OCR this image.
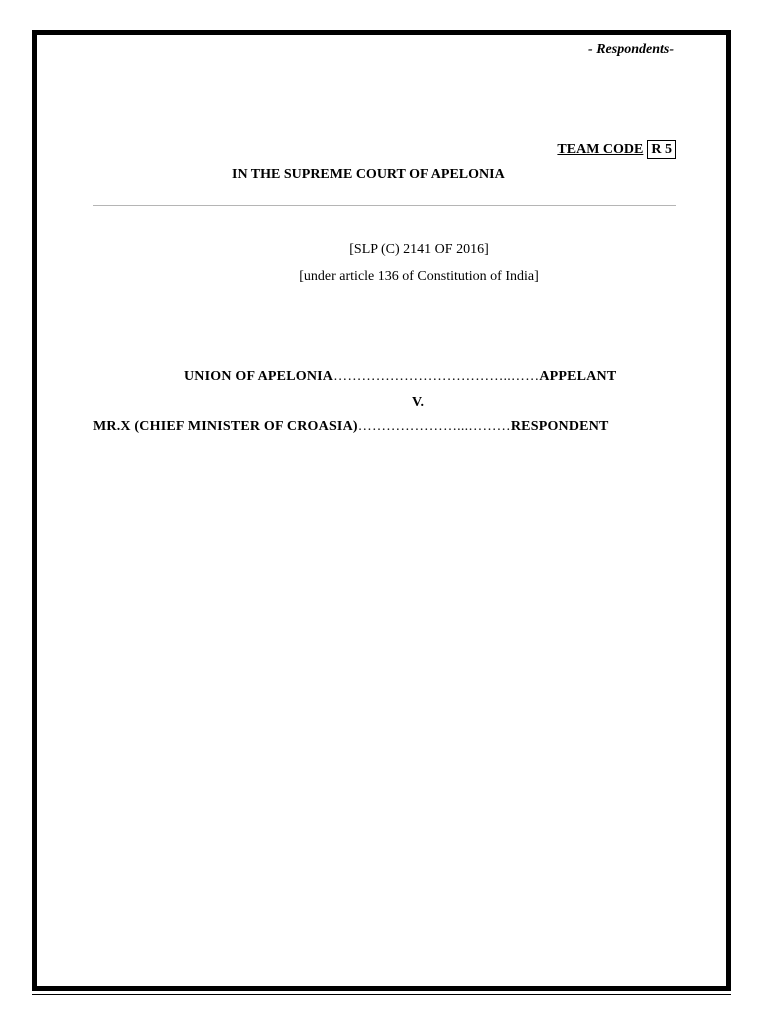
- Respondents-
TEAM CODE R 5
IN THE SUPREME COURT OF APELONIA
[SLP (C) 2141 OF 2016]
[under article 136 of Constitution of India]
UNION OF APELONIA………………………………..……APPELANT
V.
MR.X (CHIEF MINISTER OF CROASIA)…………………...………RESPONDENT
